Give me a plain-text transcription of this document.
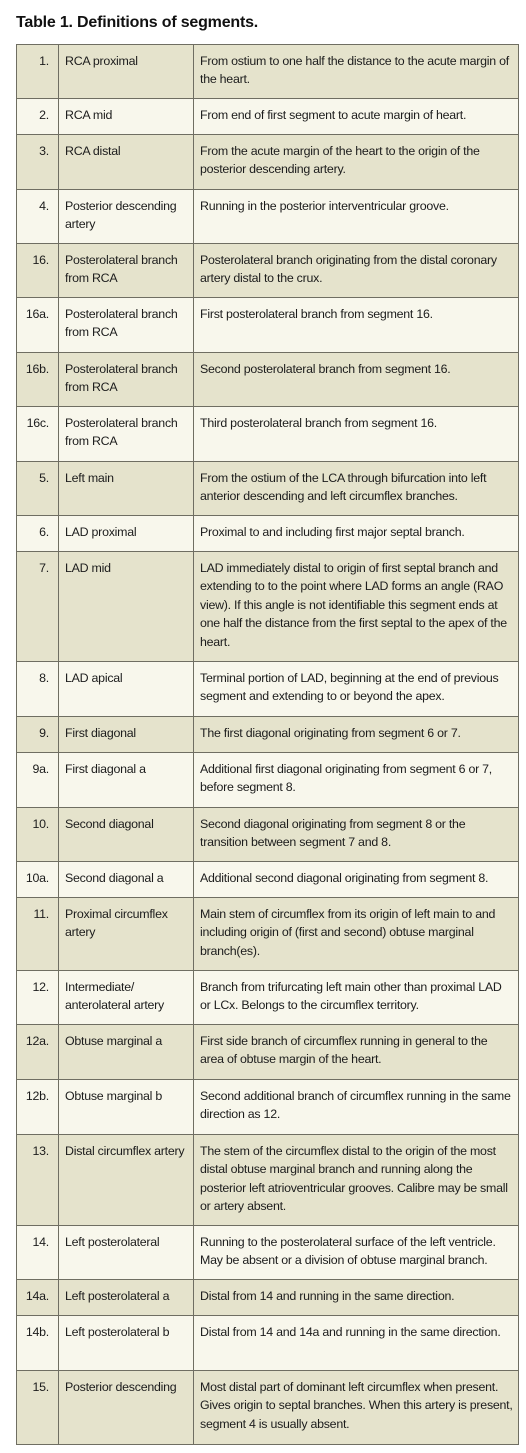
Table 1. Definitions of segments.
1.	RCA proximal	From ostium to one half the distance to the acute margin of the heart.
2.	RCA mid	From end of first segment to acute margin of heart.
3.	RCA distal	From the acute margin of the heart to the origin of the posterior descending artery.
4.	Posterior descending artery	Running in the posterior interventricular groove.
16.	Posterolateral branch from RCA	Posterolateral branch originating from the distal coronary artery distal to the crux.
16a.	Posterolateral branch from RCA	First posterolateral branch from segment 16.
16b.	Posterolateral branch from RCA	Second posterolateral branch from segment 16.
16c.	Posterolateral branch from RCA	Third posterolateral branch from segment 16.
5.	Left main	From the ostium of the LCA through bifurcation into left anterior descending and left circumflex branches.
6.	LAD proximal	Proximal to and including first major septal branch.
7.	LAD mid	LAD immediately distal to origin of first septal branch and extending to to the point where LAD forms an angle (RAO view). If this angle is not identifiable this segment ends at one half the distance from the first septal to the apex of the heart.
8.	LAD apical	Terminal portion of LAD, beginning at the end of previous segment and extending to or beyond the apex.
9.	First diagonal	The first diagonal originating from segment 6 or 7.
9a.	First diagonal a	Additional first diagonal originating from segment 6 or 7, before segment 8.
10.	Second diagonal	Second diagonal originating from segment 8 or the transition between segment 7 and 8.
10a.	Second diagonal a	Additional second diagonal originating from segment 8.
11.	Proximal circumflex artery	Main stem of circumflex from its origin of left main to and including origin of (first and second) obtuse marginal branch(es).
12.	Intermediate/ anterolateral artery	Branch from trifurcating left main other than proximal LAD or LCx. Belongs to the circumflex territory.
12a.	Obtuse marginal a	First side branch of circumflex running in general to the area of obtuse margin of the heart.
12b.	Obtuse marginal b	Second additional branch of circumflex running in the same direction as 12.
13.	Distal circumflex artery	The stem of the circumflex distal to the origin of the most distal obtuse marginal branch and running along the posterior left atrioventricular grooves. Calibre may be small or artery absent.
14.	Left posterolateral	Running to the posterolateral surface of the left ventricle. May be absent or a division of obtuse marginal branch.
14a.	Left posterolateral a	Distal from 14 and running in the same direction.
14b.	Left posterolateral b	Distal from 14 and 14a and running in the same direction.
15.	Posterior descending	Most distal part of dominant left circumflex when present. Gives origin to septal branches. When this artery is present, segment 4 is usually absent.
